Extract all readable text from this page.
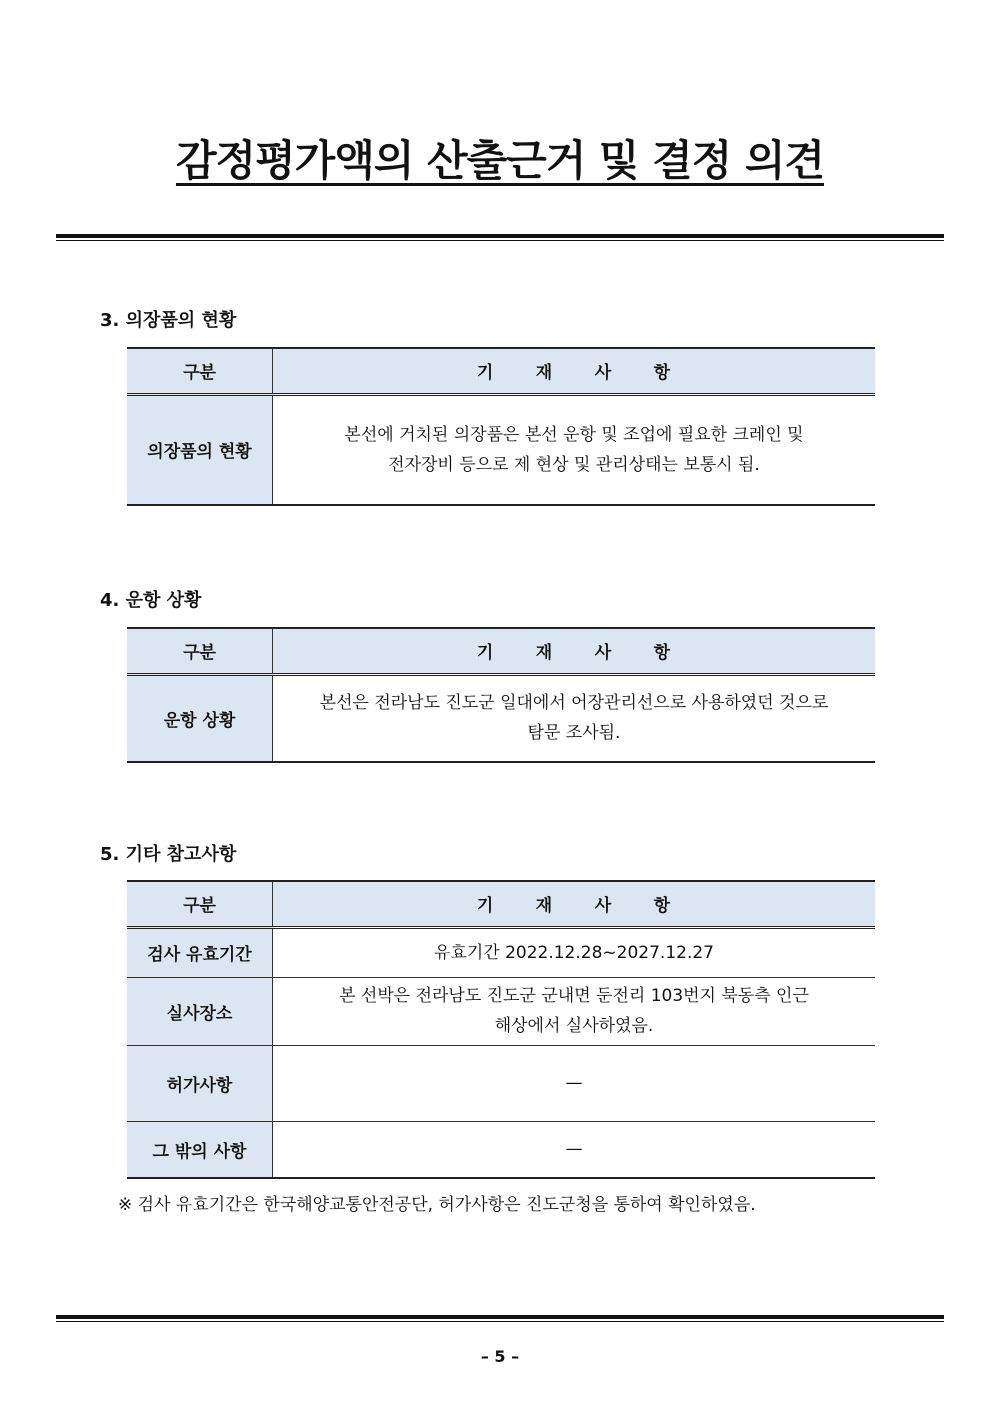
감정평가액의 산출근거 및 결정 의견

3. 의장품의 현황

구분	기      재      사      항
의장품의 현황	본선에 거치된 의장품은 본선 운항 및 조업에 필요한 크레인 및
전자장비 등으로 제 현상 및 관리상태는 보통시 됨.

4. 운항 상황

구분	기      재      사      항
운항 상황	본선은 전라남도 진도군 일대에서 어장관리선으로 사용하였던 것으로
탐문 조사됨.

5. 기타 참고사항

구분	기      재      사      항
검사 유효기간	유효기간 2022.12.28~2027.12.27

실사장소	본 선박은 전라남도 진도군 군내면 둔전리 103번지 북동측 인근
해상에서 실사하였음.

허가사항	—

그 밖의 사항	—

※ 검사 유효기간은 한국해양교통안전공단, 허가사항은 진도군청을 통하여 확인하였음.

– 5 –
